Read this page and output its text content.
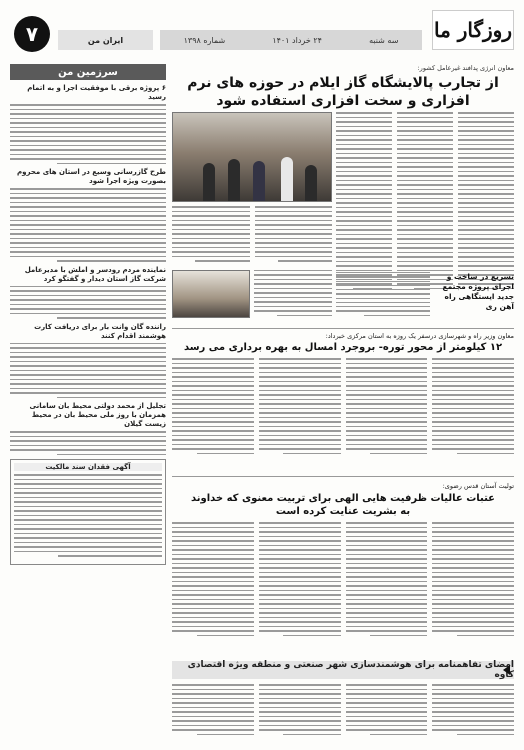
روزگار ما
سه شنبه
۲۴ خرداد ۱۴۰۱
شماره ۱۳۹۸
ایران من
۷
سرزمین من
۶ پروژه برقی با موفقیت اجرا و به اتمام رسید
طرح گازرسانی وسیع در استان های محروم بصورت ویژه اجرا شود
نماینده مردم رودسر و املش با مدیرعامل شرکت گاز استان دیدار و گفتگو کرد
راننده گان وانت بار برای دریافت کارت هوشمند اقدام کنند
تجلیل از محمد دولتی محیط بان سامانی همزمان با روز ملی محیط بان در محیط زیست گیلان
آگهی فقدان سند مالکیت
معاون انرژی پدافند غیرعامل کشور:
از تجارب پالایشگاه گاز ایلام در حوزه های نرم افزاری و سخت افزاری استفاده شود
تسریع در ساخت و اجرای پروژه مجتمع جدید ایستگاهی راه آهن ری
معاون وزیر راه و شهرسازی درسفر یک روزه به استان مرکزی خبرداد:
۱۲ کیلومتر از محور توره- بروجرد امسال به بهره برداری می رسد
تولیت آستان قدس رضوی:
عتبات عالیات ظرفیت هایی الهی برای تربیت معنوی که خداوند به بشریت عنایت کرده است
امضای تفاهمنامه برای هوشمندسازی شهر صنعتی و منطقه ویژه اقتصادی کاوه
